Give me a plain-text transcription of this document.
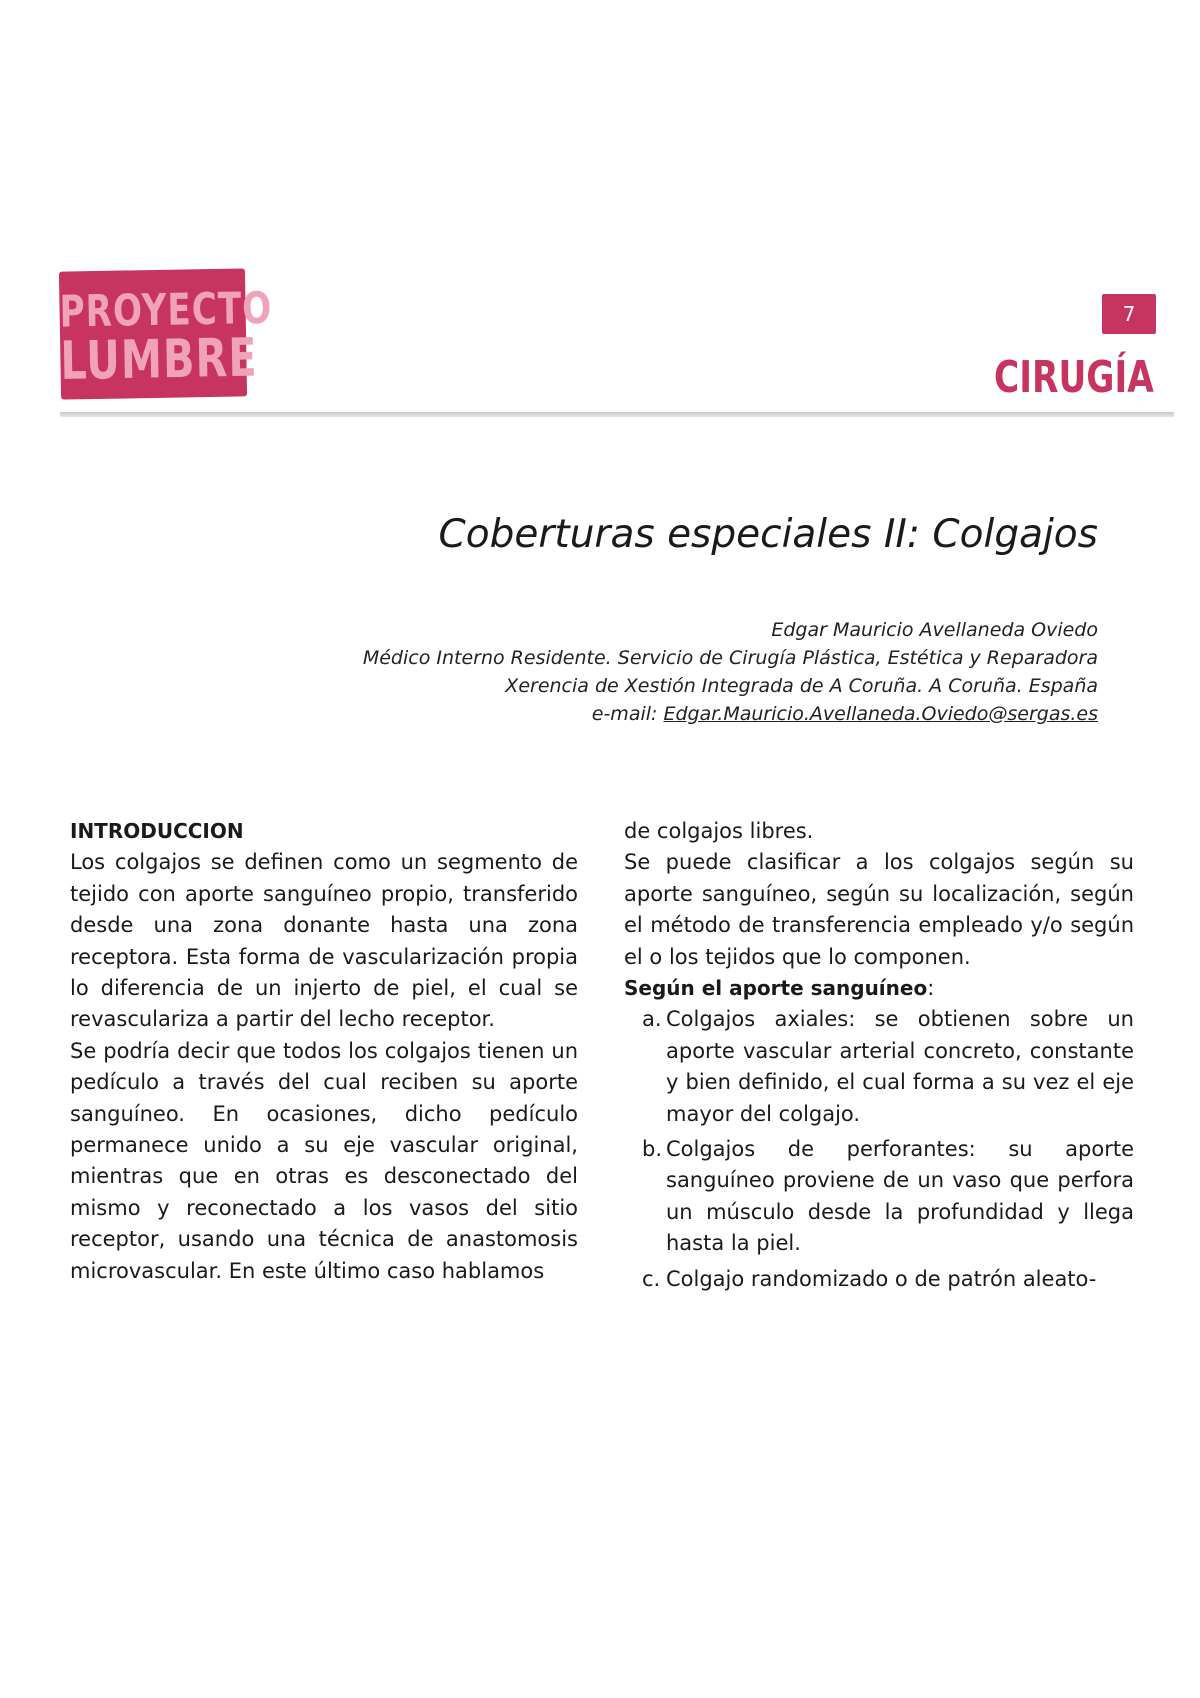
PROYECTO
LUMBRE
7
CIRUGÍA
Coberturas especiales II: Colgajos
Edgar Mauricio Avellaneda Oviedo
Médico Interno Residente. Servicio de Cirugía Plástica, Estética y Reparadora
Xerencia de Xestión Integrada de A Coruña. A Coruña. España
e-mail: Edgar.Mauricio.Avellaneda.Oviedo@sergas.es

INTRODUCCION

Los colgajos se definen como un segmento de tejido con aporte sanguíneo propio, transferido desde una zona donante hasta una zona receptora. Esta forma de vascularización propia lo diferencia de un injerto de piel, el cual se revasculariza a partir del lecho receptor.

Se podría decir que todos los colgajos tienen un pedículo a través del cual reciben su aporte sanguíneo. En ocasiones, dicho pedículo permanece unido a su eje vascular original, mientras que en otras es desconectado del mismo y reconectado a los vasos del sitio receptor, usando una técnica de anastomosis microvascular. En este último caso hablamos

de colgajos libres.

Se puede clasificar a los colgajos según su aporte sanguíneo, según su localización, según el método de transferencia empleado y/o según el o los tejidos que lo componen.

Según el aporte sanguíneo:

a. Colgajos axiales: se obtienen sobre un aporte vascular arterial concreto, constante y bien definido, el cual forma a su vez el eje mayor del colgajo.
b. Colgajos de perforantes: su aporte sanguíneo proviene de un vaso que perfora un músculo desde la profundidad y llega hasta la piel.
c. Colgajo randomizado o de patrón aleato-
